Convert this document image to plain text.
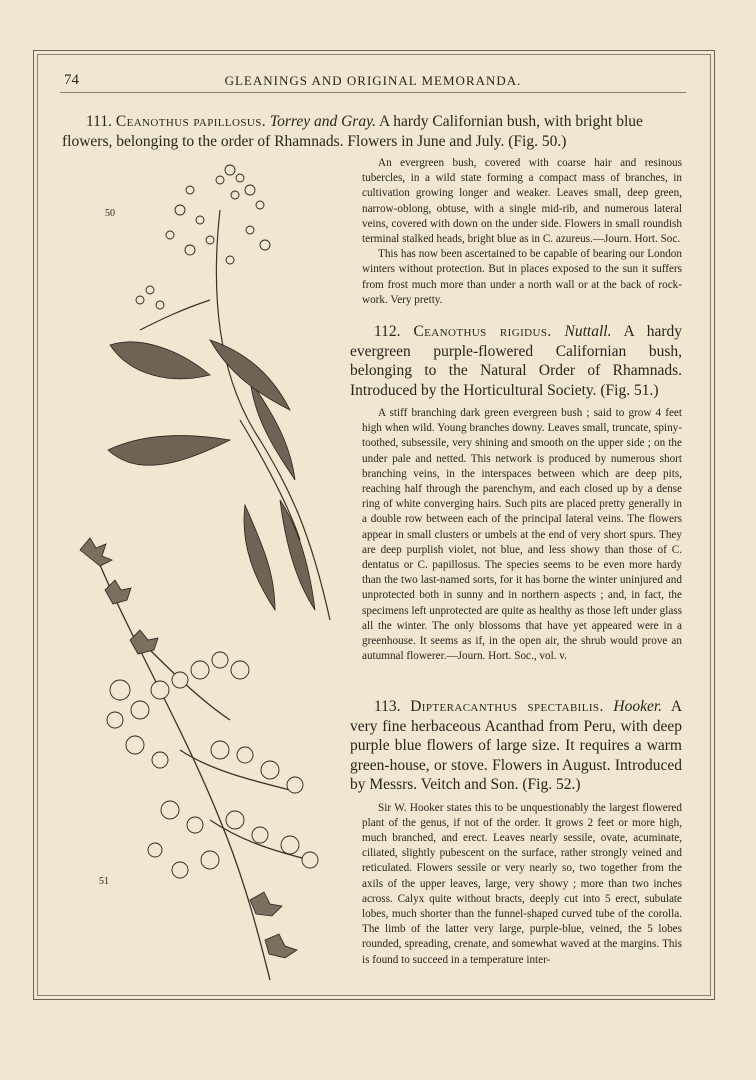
74	GLEANINGS AND ORIGINAL MEMORANDA.

111. Ceanothus papillosus. Torrey and Gray. A hardy Californian bush, with bright blue

flowers, belonging to the order of Rhamnads. Flowers in June and July. (Fig. 50.)

An evergreen bush, covered with coarse hair and resinous tubercles, in a wild state forming a compact mass of branches, in cultivation growing longer and weaker. Leaves small, deep green, narrow-oblong, obtuse, with a single mid-rib, and numerous lateral veins, covered with down on the under side. Flowers in small roundish terminal stalked heads, bright blue as in C. azureus.—Journ. Hort. Soc.

This has now been ascertained to be capable of bearing our London winters without protection. But in places exposed to the sun it suffers from frost much more than under a north wall or at the back of rock-work. Very pretty.

112. Ceanothus rigidus. Nuttall. A hardy evergreen purple-flowered Californian bush, belonging to the Natural Order of Rhamnads. Introduced by the Horticultural Society. (Fig. 51.)

A stiff branching dark green evergreen bush ; said to grow 4 feet high when wild. Young branches downy. Leaves small, truncate, spiny-toothed, subsessile, very shining and smooth on the upper side ; on the under pale and netted. This network is produced by numerous short branching veins, in the interspaces between which are deep pits, reaching half through the parenchym, and each closed up by a dense ring of white converging hairs. Such pits are placed pretty generally in a double row between each of the principal lateral veins. The flowers appear in small clusters or umbels at the end of very short spurs. They are deep purplish violet, not blue, and less showy than those of C. dentatus or C. papillosus. The species seems to be even more hardy than the two last-named sorts, for it has borne the winter uninjured and unprotected both in sunny and in northern aspects ; and, in fact, the specimens left unprotected are quite as healthy as those left under glass all the winter. The only blossoms that have yet appeared were in a greenhouse. It seems as if, in the open air, the shrub would prove an autumnal flowerer.—Journ. Hort. Soc., vol. v.

113. Dipteracanthus spectabilis. Hooker. A very fine herbaceous Acanthad from Peru, with deep purple blue flowers of large size. It requires a warm green-house, or stove. Flowers in August. Introduced by Messrs. Veitch and Son. (Fig. 52.)

Sir W. Hooker states this to be unquestionably the largest flowered plant of the genus, if not of the order. It grows 2 feet or more high, much branched, and erect. Leaves nearly sessile, ovate, acuminate, ciliated, slightly pubescent on the surface, rather strongly veined and reticulated. Flowers sessile or very nearly so, two together from the axils of the upper leaves, large, very showy ; more than two inches across. Calyx quite without bracts, deeply cut into 5 erect, subulate lobes, much shorter than the funnel-shaped curved tube of the corolla. The limb of the latter very large, purple-blue, veined, the 5 lobes rounded, spreading, crenate, and somewhat waved at the margins. This is found to succeed in a temperature inter-

50
51
